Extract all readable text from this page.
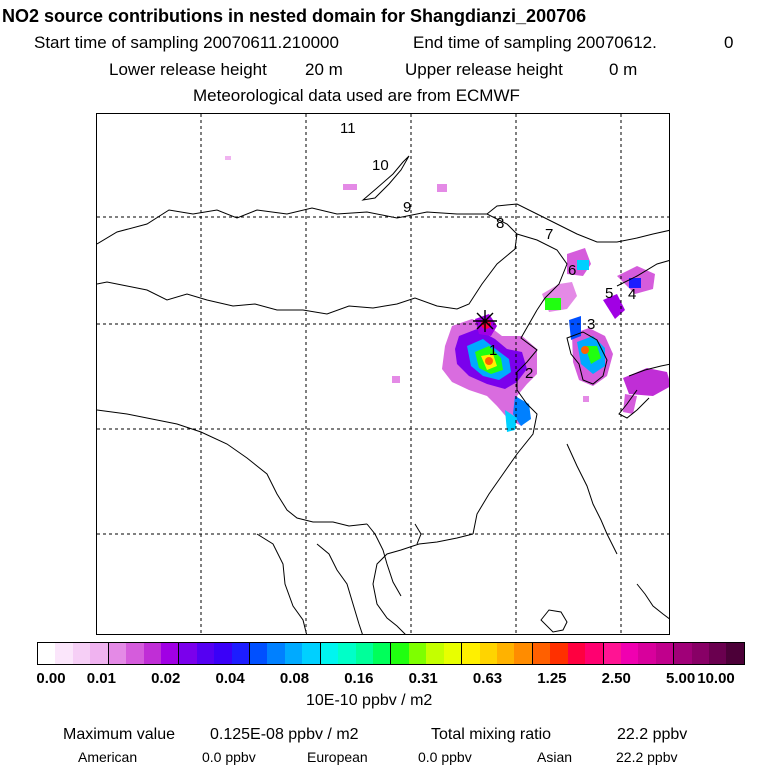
NO2 source contributions in nested domain for Shangdianzi_200706
Start time of sampling 20070611.210000	End time of sampling 20070612.	0
Lower release height 20 m	Upper release height	0 m
Meteorological data used are from ECMWF
1
2
3
4
5
6
7
8
9
10
11
0.00 0.01 0.02 0.04 0.08 0.16 0.31 0.63 1.25 2.50 5.00 10.00
10E-10 ppbv / m2
Maximum value 0.125E-08 ppbv / m2	Total mixing ratio	22.2 ppbv
American	0.0 ppbv	European	0.0 ppbv	Asian	22.2 ppbv
